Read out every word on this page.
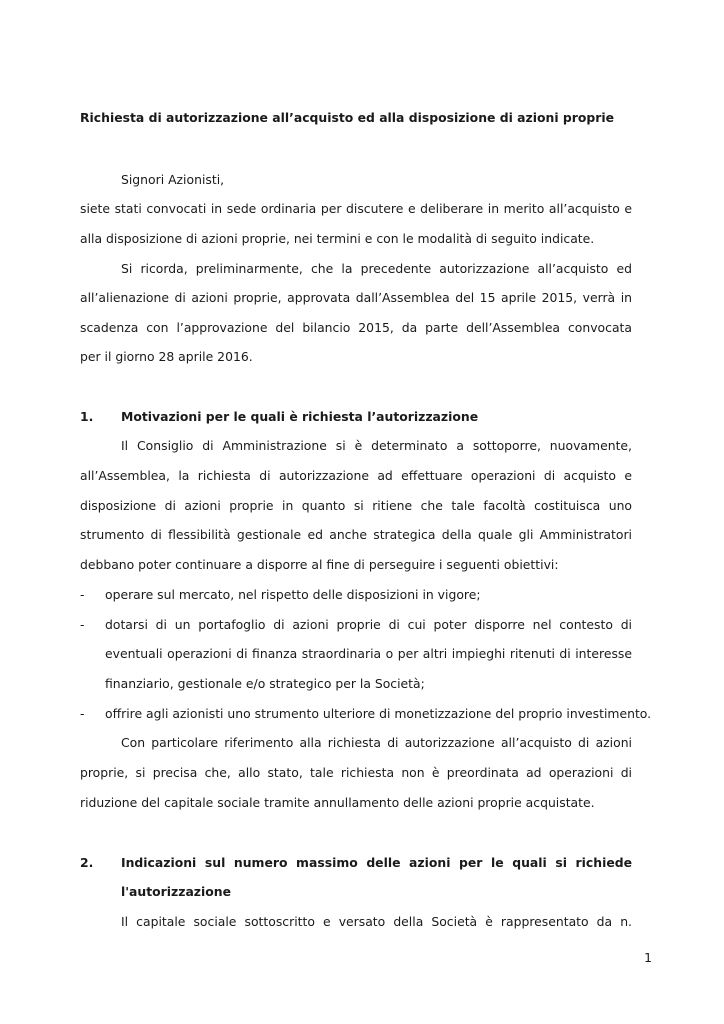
Richiesta di autorizzazione all’acquisto ed alla disposizione di azioni proprie
Signori Azionisti,
siete stati convocati in sede ordinaria per discutere e deliberare in merito all’acquisto e
alla disposizione di azioni proprie, nei termini e con le modalità di seguito indicate.
Si ricorda, preliminarmente, che la precedente autorizzazione all’acquisto ed
all’alienazione di azioni proprie, approvata dall’Assemblea del 15 aprile 2015, verrà in
scadenza con l’approvazione del bilancio 2015, da parte dell’Assemblea convocata
per il giorno 28 aprile 2016.
1. Motivazioni per le quali è richiesta l’autorizzazione
Il Consiglio di Amministrazione si è determinato a sottoporre, nuovamente,
all’Assemblea, la richiesta di autorizzazione ad effettuare operazioni di acquisto e
disposizione di azioni proprie in quanto si ritiene che tale facoltà costituisca uno
strumento di flessibilità gestionale ed anche strategica della quale gli Amministratori
debbano poter continuare a disporre al fine di perseguire i seguenti obiettivi:
- operare sul mercato, nel rispetto delle disposizioni in vigore;
- dotarsi di un portafoglio di azioni proprie di cui poter disporre nel contesto di
eventuali operazioni di finanza straordinaria o per altri impieghi ritenuti di interesse
finanziario, gestionale e/o strategico per la Società;
- offrire agli azionisti uno strumento ulteriore di monetizzazione del proprio investimento.
Con particolare riferimento alla richiesta di autorizzazione all’acquisto di azioni
proprie, si precisa che, allo stato, tale richiesta non è preordinata ad operazioni di
riduzione del capitale sociale tramite annullamento delle azioni proprie acquistate.
2. Indicazioni sul numero massimo delle azioni per le quali si richiede
l'autorizzazione
Il capitale sociale sottoscritto e versato della Società è rappresentato da n.
1
